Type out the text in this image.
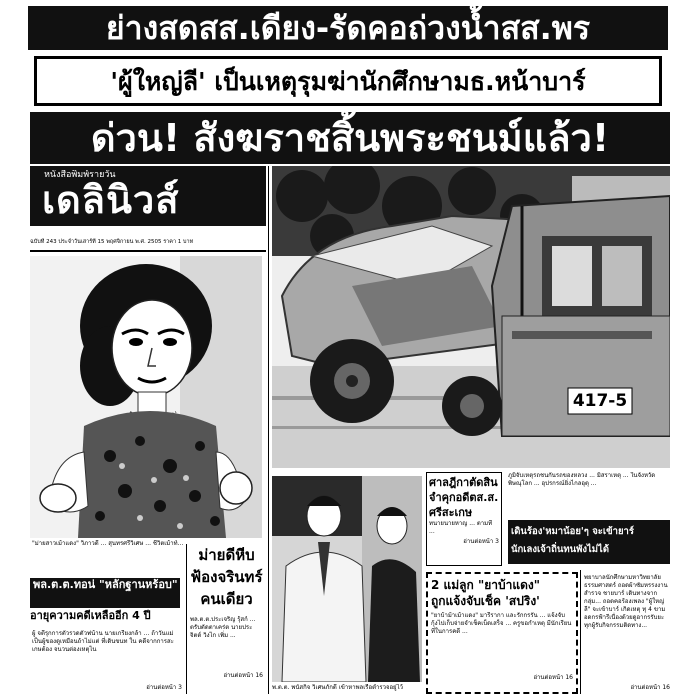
ย่างสดสส.เดียง-รัดคอถ่วงน้ำสส.พร
'ผู้ใหญ่ลี' เป็นเหตุรุมฆ่านักศึกษามธ.หน้าบาร์
ด่วน! สังฆราชสิ้นพระชนม์แล้ว!
หนังสือพิมพ์รายวัน
เดลินิวส์
ฉบับที่ 243 ประจำวันเสาร์ที่ 15 พฤศจิกายน พ.ศ. 2505 ราคา 1 บาท
"ม่ายสาวเม้าแดง" วิภาวดี ... สุนทรศรีวิเศษ ... ชีวิตเม้าท์...
พล.ต.ต.ทอน่ "หลักฐานหร้อบ"
อายุความคดีเหลืออีก 4 ปี
ผู้ จตีรุกการตัวรวดตัวฟน้าน นายเกรียงกล้า ... ถ้าวันแม่เป็นผู้ของดูเหมือนถ้าไม่แต่ ที่เดินขนท ใน คดีจากการสะเกษต้อง จนวนต่องเหตุไน
อ่านต่อหน้า 3
ม่ายดีหีบ
ฟ้องจรินทร์
คนเดียว
พล.ต.ต.ประเจริญ รุ้สก์ ... ตรับตัดตาเคร่ต นายประจิตต์ วิงไก เพิ่ม ...
อ่านต่อหน้า 16
417-5
พ.ต.ต. พนัสกิจ วิเศษภักดี เข้าหาพลเรือตำรวจอยู่ไว้
ศาลฎีกาตัดสิน
จำคุกอดีตส.ส.
ศรีสะเกษ
ทนายนายหาญ ... ตามที่ ...
อ่านต่อหน้า 3
ภูมิจับเหตุรถชนกันรถของหลวง ... มิสราเหตุ ... ในจังหวัดพิษณุโลก ... อุปรกรณ์ยิ่งไกลอุตุ ...
เดินร้อง'หมาน้อย'ๆ จะเข้ายาร์
นักเลงเจ้าถิ่นทนพังไม่ได้
2 แม่ลูก "ยาบ้าแดง"
ถูกแจ้งจับเช็ค 'สปริง'
"ยาบ้าม้าเม้าแดง" มารีรากา และรักกรรัน ... แจ้งจับ กุ้งไปเก็บจ่ายจำเช็คเบ็ดเสร็จ ... ครูขอกำเหตุ มีนักเรียนที่ในการคดี ...
อ่านต่อหน้า 16
พยาบาลนักศึกษามหาวิทยาลัยธรรมศาสตร์ ถอดผ้าซัมหรรงงานสำรวจ ชายบาร์ เดินทางจากกลุ่ม... ถอดคอร้องเพลง "ผู้ใหญ่ลี" จะเข้าบาร์ เกิดเหตุ ทุ 4 ขามอดกรฟ้ารีเนื่องด้วยดูอากรรับยะทุกผู้รับกิจกรรมติดทาง...
อ่านต่อหน้า 16
